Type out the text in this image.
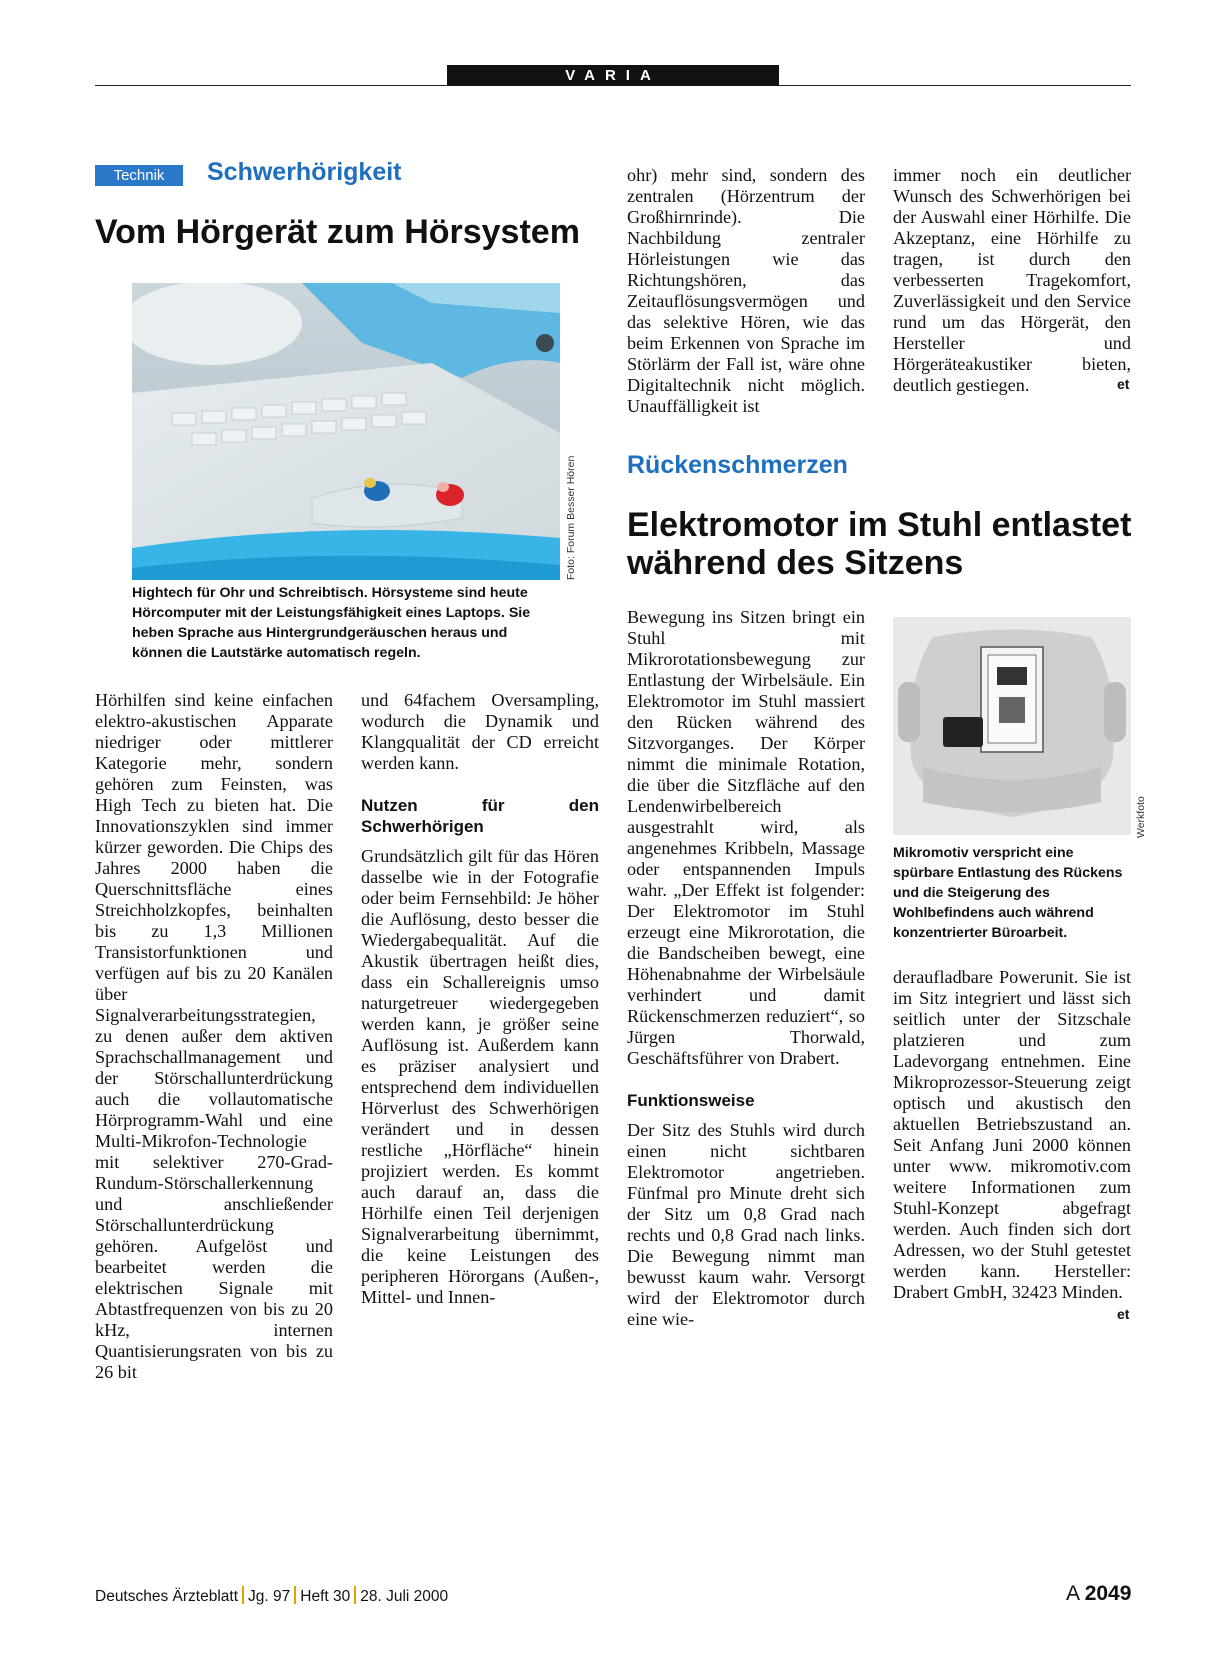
VARIA
Technik	Schwerhörigkeit
Vom Hörgerät zum Hörsystem
Foto: Forum Besser Hören
Hightech für Ohr und Schreibtisch. Hörsysteme sind heute Hörcomputer mit der Leistungsfähigkeit eines Laptops. Sie heben Sprache aus Hintergrundgeräuschen heraus und können die Lautstärke automatisch regeln.

Hörhilfen sind keine einfachen elektro-akustischen Apparate niedriger oder mittlerer Kategorie mehr, sondern gehören zum Feinsten, was High Tech zu bieten hat. Die Innovationszyklen sind immer kürzer geworden. Die Chips des Jahres 2000 haben die Querschnittsfläche eines Streichholzkopfes, beinhalten bis zu 1,3 Millionen Transistorfunktionen und verfügen auf bis zu 20 Kanälen über Signalverarbeitungsstrategien, zu denen außer dem aktiven Sprachschallmanagement und der Störschallunterdrückung auch die vollautomatische Hörprogramm-Wahl und eine Multi-Mikrofon-Technologie mit selektiver 270-Grad-Rundum-Störschallerkennung und anschließender Störschallunterdrückung gehören. Aufgelöst und bearbeitet werden die elektrischen Signale mit Abtastfrequenzen von bis zu 20 kHz, internen Quantisierungsraten von bis zu 26 bit

und 64fachem Oversampling, wodurch die Dynamik und Klangqualität der CD erreicht werden kann.

Nutzen für den Schwerhörigen

Grundsätzlich gilt für das Hören dasselbe wie in der Fotografie oder beim Fernsehbild: Je höher die Auflösung, desto besser die Wiedergabequalität. Auf die Akustik übertragen heißt dies, dass ein Schallereignis umso naturgetreuer wiedergegeben werden kann, je größer seine Auflösung ist. Außerdem kann es präziser analysiert und entsprechend dem individuellen Hörverlust des Schwerhörigen verändert und in dessen restliche „Hörfläche“ hinein projiziert werden. Es kommt auch darauf an, dass die Hörhilfe einen Teil derjenigen Signalverarbeitung übernimmt, die keine Leistungen des peripheren Hörorgans (Außen-, Mittel- und Innen-

ohr) mehr sind, sondern des zentralen (Hörzentrum der Großhirnrinde). Die Nachbildung zentraler Hörleistungen wie das Richtungshören, das Zeitauflösungsvermögen und das selektive Hören, wie das beim Erkennen von Sprache im Störlärm der Fall ist, wäre ohne Digitaltechnik nicht möglich. Unauffälligkeit ist

immer noch ein deutlicher Wunsch des Schwerhörigen bei der Auswahl einer Hörhilfe. Die Akzeptanz, eine Hörhilfe zu tragen, ist durch den verbesserten Tragekomfort, Zuverlässigkeit und den Service rund um das Hörgerät, den Hersteller und Hörgeräteakustiker bieten, deutlich gestiegen.	et
Rückenschmerzen
Elektromotor im Stuhl entlastet
während des Sitzens

Bewegung ins Sitzen bringt ein Stuhl mit Mikrorotationsbewegung zur Entlastung der Wirbelsäule. Ein Elektromotor im Stuhl massiert den Rücken während des Sitzvorganges. Der Körper nimmt die minimale Rotation, die über die Sitzfläche auf den Lendenwirbelbereich ausgestrahlt wird, als angenehmes Kribbeln, Massage oder entspannenden Impuls wahr. „Der Effekt ist folgender: Der Elektromotor im Stuhl erzeugt eine Mikrorotation, die die Bandscheiben bewegt, eine Höhenabnahme der Wirbelsäule verhindert und damit Rückenschmerzen reduziert“, so Jürgen Thorwald, Geschäftsführer von Drabert.

Funktionsweise

Der Sitz des Stuhls wird durch einen nicht sichtbaren Elektromotor angetrieben. Fünfmal pro Minute dreht sich der Sitz um 0,8 Grad nach rechts und 0,8 Grad nach links. Die Bewegung nimmt man bewusst kaum wahr. Versorgt wird der Elektromotor durch eine wie-

Werkfoto
Mikromotiv verspricht eine spürbare Entlastung des Rückens und die Steigerung des Wohlbefindens auch während konzentrierter Büroarbeit.

deraufladbare Powerunit. Sie ist im Sitz integriert und lässt sich seitlich unter der Sitzschale platzieren und zum Ladevorgang entnehmen. Eine Mikroprozessor-Steuerung zeigt optisch und akustisch den aktuellen Betriebszustand an. Seit Anfang Juni 2000 können unter www. mikromotiv.com weitere Informationen zum Stuhl-Konzept abgefragt werden. Auch finden sich dort Adressen, wo der Stuhl getestet werden kann. Hersteller: Drabert GmbH, 32423 Minden.

et
Deutsches Ärzteblatt Jg. 97 Heft 30 28. Juli 2000	A 2049
